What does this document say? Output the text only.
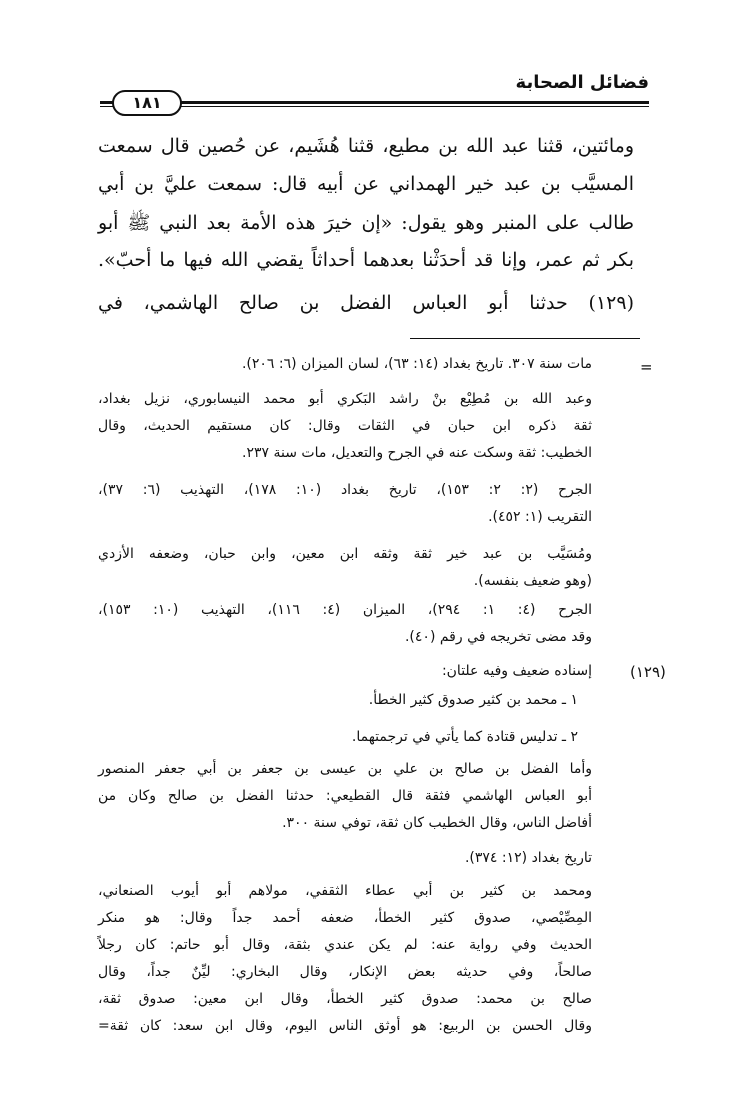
فضائل الصحابة
١٨١
ومائتين، قثنا عبد الله بن مطيع، قثنا هُشَيم، عن حُصين قال سمعت
المسيَّب بن عبد خير الهمداني عن أبيه قال: سمعت عليَّ بن أبي
طالب على المنبر وهو يقول: «إن خيرَ هذه الأمة بعد النبي ﷺ أبو
بكر ثم عمر، وإنا قد أحدَثْنا بعدهما أحداثاً يقضي الله فيها ما أحبّ».
(١٢٩) حدثنا أبو العباس الفضل بن صالح الهاشمي، في
=
مات سنة ٣٠٧. تاريخ بغداد (١٤: ٦٣)، لسان الميزان (٦: ٢٠٦).
وعبد الله بن مُطِيْع بنْ راشد البَكري أبو محمد النيسابوري، نزيل بغداد،
ثقة ذكره ابن حبان في الثقات وقال: كان مستقيم الحديث، وقال
الخطيب: ثقة وسكت عنه في الجرح والتعديل، مات سنة ٢٣٧.
الجرح (٢: ٢: ١٥٣)، تاريخ بغداد (١٠: ١٧٨)، التهذيب (٦: ٣٧)،
التقريب (١: ٤٥٢).
ومُسَيَّب بن عبد خير ثقة وثقه ابن معين، وابن حبان، وضعفه الأزدي
(وهو ضعيف بنفسه).
الجرح (٤: ١: ٢٩٤)، الميزان (٤: ١١٦)، التهذيب (١٠: ١٥٣)،
وقد مضى تخريجه في رقم (٤٠).
(١٢٩)
إسناده ضعيف وفيه علتان:
١ ـ محمد بن كثير صدوق كثير الخطأ.
٢ ـ تدليس قتادة كما يأتي في ترجمتهما.
وأما الفضل بن صالح بن علي بن عيسى بن جعفر بن أبي جعفر المنصور
أبو العباس الهاشمي فثقة قال القطيعي: حدثنا الفضل بن صالح وكان من
أفاضل الناس، وقال الخطيب كان ثقة، توفي سنة ٣٠٠.
تاريخ بغداد (١٢: ٣٧٤).
ومحمد بن كثير بن أبي عطاء الثقفي، مولاهم أبو أيوب الصنعاني،
المِصِّيْصي، صدوق كثير الخطأ، ضعفه أحمد جداً وقال: هو منكر
الحديث وفي رواية عنه: لم يكن عندي بثقة، وقال أبو حاتم: كان رجلاً
صالحاً، وفي حديثه بعض الإنكار، وقال البخاري: ليِّنٌ جداً، وقال
صالح بن محمد: صدوق كثير الخطأ، وقال ابن معين: صدوق ثقة،
وقال الحسن بن الربيع: هو أوثق الناس اليوم، وقال ابن سعد: كان ثقة=
